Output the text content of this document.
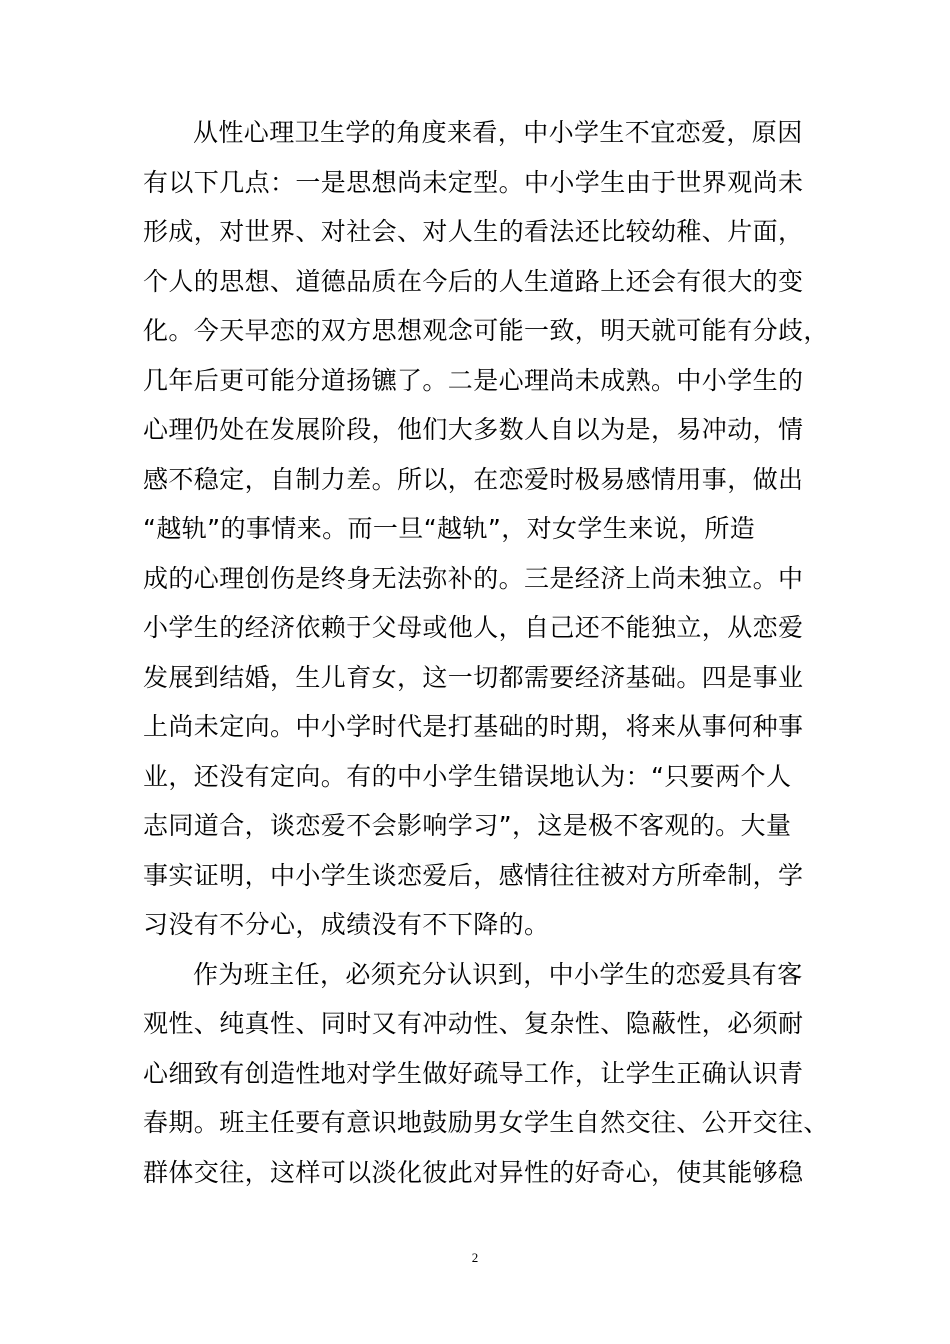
从性心理卫生学的角度来看，中小学生不宜恋爱，原因
有以下几点：一是思想尚未定型。中小学生由于世界观尚未
形成，对世界、对社会、对人生的看法还比较幼稚、片面，
个人的思想、道德品质在今后的人生道路上还会有很大的变
化。今天早恋的双方思想观念可能一致，明天就可能有分歧，
几年后更可能分道扬镳了。二是心理尚未成熟。中小学生的
心理仍处在发展阶段，他们大多数人自以为是，易冲动，情
感不稳定，自制力差。所以，在恋爱时极易感情用事，做出
“越轨”的事情来。而一旦“越轨”，对女学生来说，所造
成的心理创伤是终身无法弥补的。三是经济上尚未独立。中
小学生的经济依赖于父母或他人，自己还不能独立，从恋爱
发展到结婚，生儿育女，这一切都需要经济基础。四是事业
上尚未定向。中小学时代是打基础的时期，将来从事何种事
业，还没有定向。有的中小学生错误地认为：“只要两个人
志同道合，谈恋爱不会影响学习”，这是极不客观的。大量
事实证明，中小学生谈恋爱后，感情往往被对方所牵制，学
习没有不分心，成绩没有不下降的。
作为班主任，必须充分认识到，中小学生的恋爱具有客
观性、纯真性、同时又有冲动性、复杂性、隐蔽性，必须耐
心细致有创造性地对学生做好疏导工作，让学生正确认识青
春期。班主任要有意识地鼓励男女学生自然交往、公开交往、
群体交往，这样可以淡化彼此对异性的好奇心，使其能够稳
2
